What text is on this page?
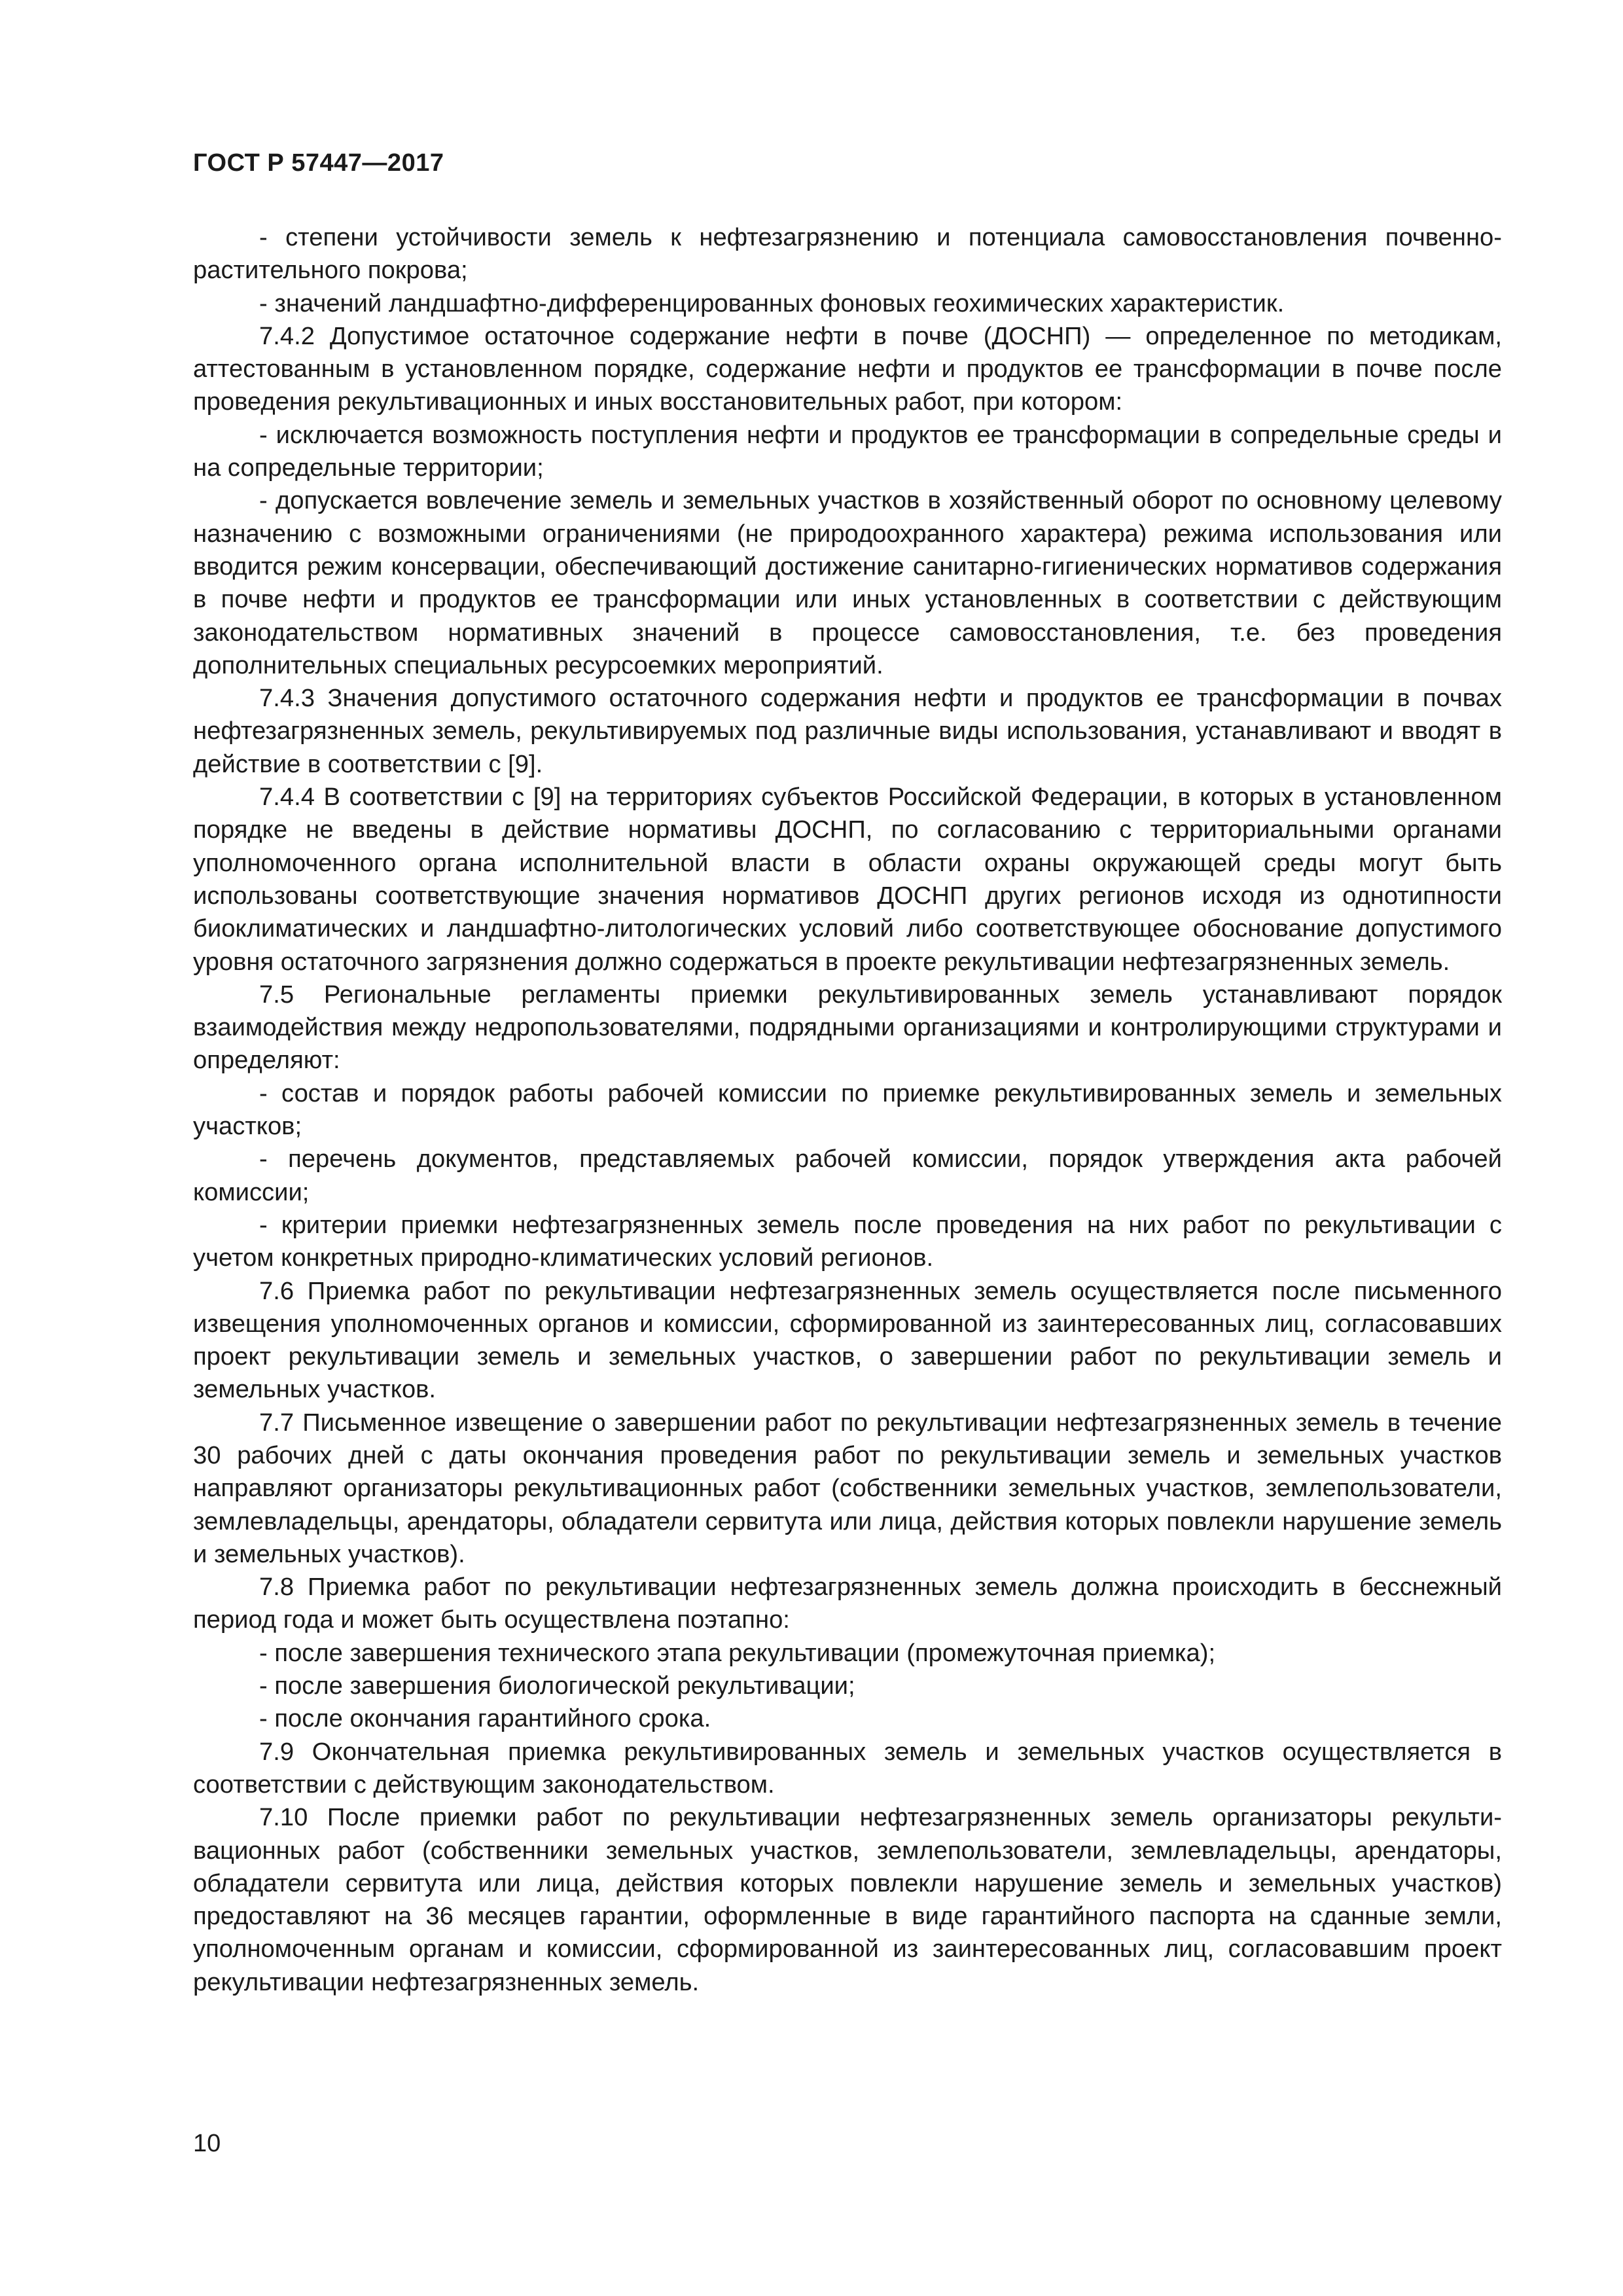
ГОСТ Р 57447—2017

- степени устойчивости земель к нефтезагрязнению и потенциала самовосстановления почвенно-растительного покрова;

- значений ландшафтно-дифференцированных фоновых геохимических характеристик.

7.4.2 Допустимое остаточное содержание нефти в почве (ДОСНП) — определенное по методикам, аттестованным в установленном порядке, содержание нефти и продуктов ее трансформации в почве после проведения рекультивационных и иных восстановительных работ, при котором:

- исключается возможность поступления нефти и продуктов ее трансформации в сопредельные среды и на сопредельные территории;

- допускается вовлечение земель и земельных участков в хозяйственный оборот по основному целевому назначению с возможными ограничениями (не природоохранного характера) режима использования или вводится режим консервации, обеспечивающий достижение санитарно-гигиенических нормативов содержания в почве нефти и продуктов ее трансформации или иных установленных в соответствии с действующим законодательством нормативных значений в процессе самовосстановления, т.е. без проведения дополнительных специальных ресурсоемких мероприятий.

7.4.3 Значения допустимого остаточного содержания нефти и продуктов ее трансформации в почвах нефтезагрязненных земель, рекультивируемых под различные виды использования, устанавливают и вводят в действие в соответствии с [9].

7.4.4 В соответствии с [9] на территориях субъектов Российской Федерации, в которых в установленном порядке не введены в действие нормативы ДОСНП, по согласованию с территориальными органами уполномоченного органа исполнительной власти в области охраны окружающей среды могут быть использованы соответствующие значения нормативов ДОСНП других регионов исходя из однотипности биоклиматических и ландшафтно-литологических условий либо соответствующее обоснование допустимого уровня остаточного загрязнения должно содержаться в проекте рекультивации нефтезагрязненных земель.

7.5 Региональные регламенты приемки рекультивированных земель устанавливают порядок взаимодействия между недропользователями, подрядными организациями и контролирующими структурами и определяют:

- состав и порядок работы рабочей комиссии по приемке рекультивированных земель и земельных участков;

- перечень документов, представляемых рабочей комиссии, порядок утверждения акта рабочей комиссии;

- критерии приемки нефтезагрязненных земель после проведения на них работ по рекультивации с учетом конкретных природно-климатических условий регионов.

7.6 Приемка работ по рекультивации нефтезагрязненных земель осуществляется после письменного извещения уполномоченных органов и комиссии, сформированной из заинтересованных лиц, согласовавших проект рекультивации земель и земельных участков, о завершении работ по рекультивации земель и земельных участков.

7.7 Письменное извещение о завершении работ по рекультивации нефтезагрязненных земель в течение 30 рабочих дней с даты окончания проведения работ по рекультивации земель и земельных участков направляют организаторы рекультивационных работ (собственники земельных участков, землепользователи, землевладельцы, арендаторы, обладатели сервитута или лица, действия которых повлекли нарушение земель и земельных участков).

7.8 Приемка работ по рекультивации нефтезагрязненных земель должна происходить в бесснежный период года и может быть осуществлена поэтапно:

- после завершения технического этапа рекультивации (промежуточная приемка);

- после завершения биологической рекультивации;

- после окончания гарантийного срока.

7.9 Окончательная приемка рекультивированных земель и земельных участков осуществляется в соответствии с действующим законодательством.

7.10 После приемки работ по рекультивации нефтезагрязненных земель организаторы рекультивационных работ (собственники земельных участков, землепользователи, землевладельцы, арендаторы, обладатели сервитута или лица, действия которых повлекли нарушение земель и земельных участков) предоставляют на 36 месяцев гарантии, оформленные в виде гарантийного паспорта на сданные земли, уполномоченным органам и комиссии, сформированной из заинтересованных лиц, согласовавшим проект рекультивации нефтезагрязненных земель.

10
